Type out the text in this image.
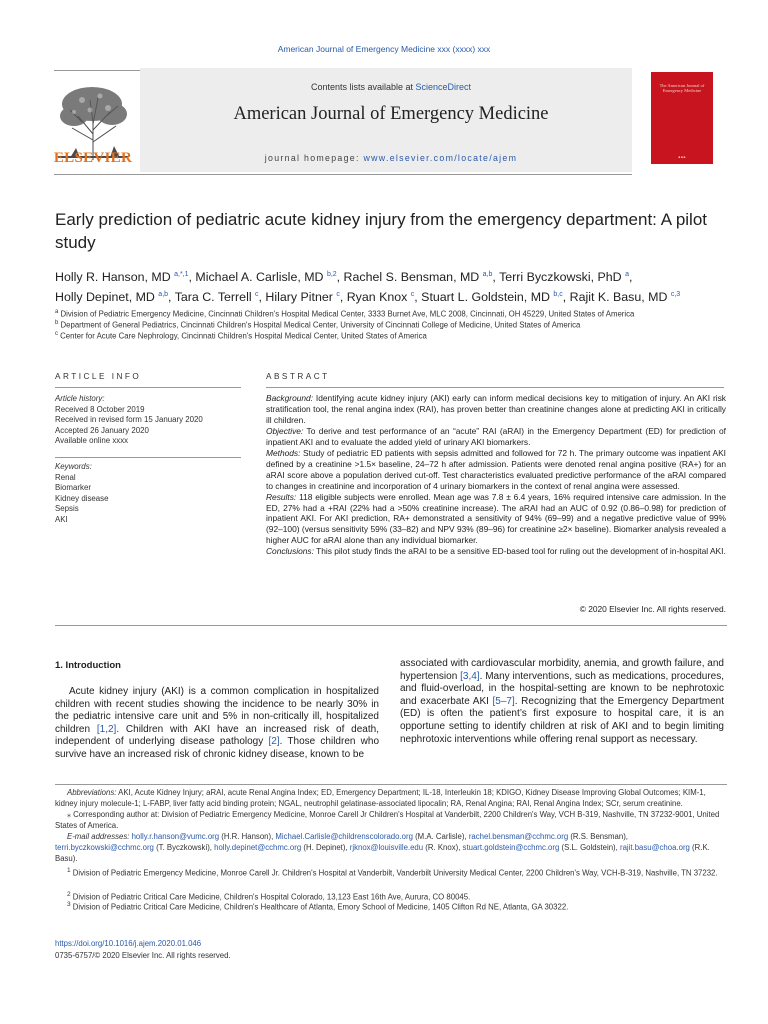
American Journal of Emergency Medicine xxx (xxxx) xxx
Contents lists available at ScienceDirect
American Journal of Emergency Medicine
journal homepage: www.elsevier.com/locate/ajem
ELSEVIER
The American Journal of Emergency Medicine
■ ■ ■
Early prediction of pediatric acute kidney injury from the emergency department: A pilot study
Holly R. Hanson, MD $^{a,*,1}$, Michael A. Carlisle, MD $^{b,2}$, Rachel S. Bensman, MD $^{a,b}$, Terri Byczkowski, PhD $^a$,
Holly Depinet, MD $^{a,b}$, Tara C. Terrell $^c$, Hilary Pitner $^c$, Ryan Knox $^c$, Stuart L. Goldstein, MD $^{b,c}$, Rajit K. Basu, MD $^{c,3}$
$^a$ Division of Pediatric Emergency Medicine, Cincinnati Children's Hospital Medical Center, 3333 Burnet Ave, MLC 2008, Cincinnati, OH 45229, United States of America
$^b$ Department of General Pediatrics, Cincinnati Children's Hospital Medical Center, University of Cincinnati College of Medicine, United States of America
$^c$ Center for Acute Care Nephrology, Cincinnati Children's Hospital Medical Center, United States of America
ARTICLE INFO
Article history:
Received 8 October 2019
Received in revised form 15 January 2020
Accepted 26 January 2020
Available online xxxx
Keywords:
Renal
Biomarker
Kidney disease
Sepsis
AKI
ABSTRACT
Background: Identifying acute kidney injury (AKI) early can inform medical decisions key to mitigation of injury. An AKI risk stratification tool, the renal angina index (RAI), has proven better than creatinine changes alone at predicting AKI in critically ill children.
Objective: To derive and test performance of an “acute” RAI (aRAI) in the Emergency Department (ED) for prediction of inpatient AKI and to evaluate the added yield of urinary AKI biomarkers.
Methods: Study of pediatric ED patients with sepsis admitted and followed for 72 h. The primary outcome was inpatient AKI defined by a creatinine >1.5× baseline, 24–72 h after admission. Patients were denoted renal angina positive (RA+) for an aRAI score above a population derived cut-off. Test characteristics evaluated predictive performance of the aRAI compared to changes in creatinine and incorporation of 4 urinary biomarkers in the context of renal angina were assessed.
Results: 118 eligible subjects were enrolled. Mean age was 7.8 ± 6.4 years, 16% required intensive care admission. In the ED, 27% had a +RAI (22% had a >50% creatinine increase). The aRAI had an AUC of 0.92 (0.86–0.98) for prediction of inpatient AKI. For AKI prediction, RA+ demonstrated a sensitivity of 94% (69–99) and a negative predictive value of 99% (92–100) (versus sensitivity 59% (33–82) and NPV 93% (89–96) for creatinine ≥2× baseline). Biomarker analysis revealed a higher AUC for aRAI alone than any individual biomarker.
Conclusions: This pilot study finds the aRAI to be a sensitive ED-based tool for ruling out the development of in-hospital AKI.
© 2020 Elsevier Inc. All rights reserved.
1. Introduction
Acute kidney injury (AKI) is a common complication in hospitalized children with recent studies showing the incidence to be nearly 30% in the pediatric intensive care unit and 5% in non-critically ill, hospitalized children [1,2]. Children with AKI have an increased risk of death, independent of underlying disease pathology [2]. Those children who survive have an increased risk of chronic kidney disease, known to be
associated with cardiovascular morbidity, anemia, and growth failure, and hypertension [3,4]. Many interventions, such as medications, procedures, and fluid-overload, in the hospital-setting are known to be nephrotoxic and exacerbate AKI [5–7]. Recognizing that the Emergency Department (ED) is often the patient’s first exposure to hospital care, it is an opportune setting to identify children at risk of AKI and to begin limiting nephrotoxic interventions while offering renal support as necessary.
Abbreviations: AKI, Acute Kidney Injury; aRAI, acute Renal Angina Index; ED, Emergency Department; IL-18, Interleukin 18; KDIGO, Kidney Disease Improving Global Outcomes; KIM-1, kidney injury molecule-1; L-FABP, liver fatty acid binding protein; NGAL, neutrophil gelatinase-associated lipocalin; RA, Renal Angina; RAI, Renal Angina Index; SCr, serum creatinine.
⁎ Corresponding author at: Division of Pediatric Emergency Medicine, Monroe Carell Jr Children's Hospital at Vanderbilt, 2200 Children's Way, VCH B-319, Nashville, TN 37232-9001, United States of America.
E-mail addresses: holly.r.hanson@vumc.org (H.R. Hanson), Michael.Carlisle@childrenscolorado.org (M.A. Carlisle), rachel.bensman@cchmc.org (R.S. Bensman), terri.byczkowski@cchmc.org (T. Byczkowski), holly.depinet@cchmc.org (H. Depinet), rjknox@louisville.edu (R. Knox), stuart.goldstein@cchmc.org (S.L. Goldstein), rajit.basu@choa.org (R.K. Basu).
$^1$ Division of Pediatric Emergency Medicine, Monroe Carell Jr. Children's Hospital at Vanderbilt, Vanderbilt University Medical Center, 2200 Children's Way, VCH-B-319, Nashville, TN 37232.
$^2$ Division of Pediatric Critical Care Medicine, Children's Hospital Colorado, 13,123 East 16th Ave, Aurura, CO 80045.
$^3$ Division of Pediatric Critical Care Medicine, Children's Healthcare of Atlanta, Emory School of Medicine, 1405 Clifton Rd NE, Atlanta, GA 30322.
https://doi.org/10.1016/j.ajem.2020.01.046
0735-6757/© 2020 Elsevier Inc. All rights reserved.
